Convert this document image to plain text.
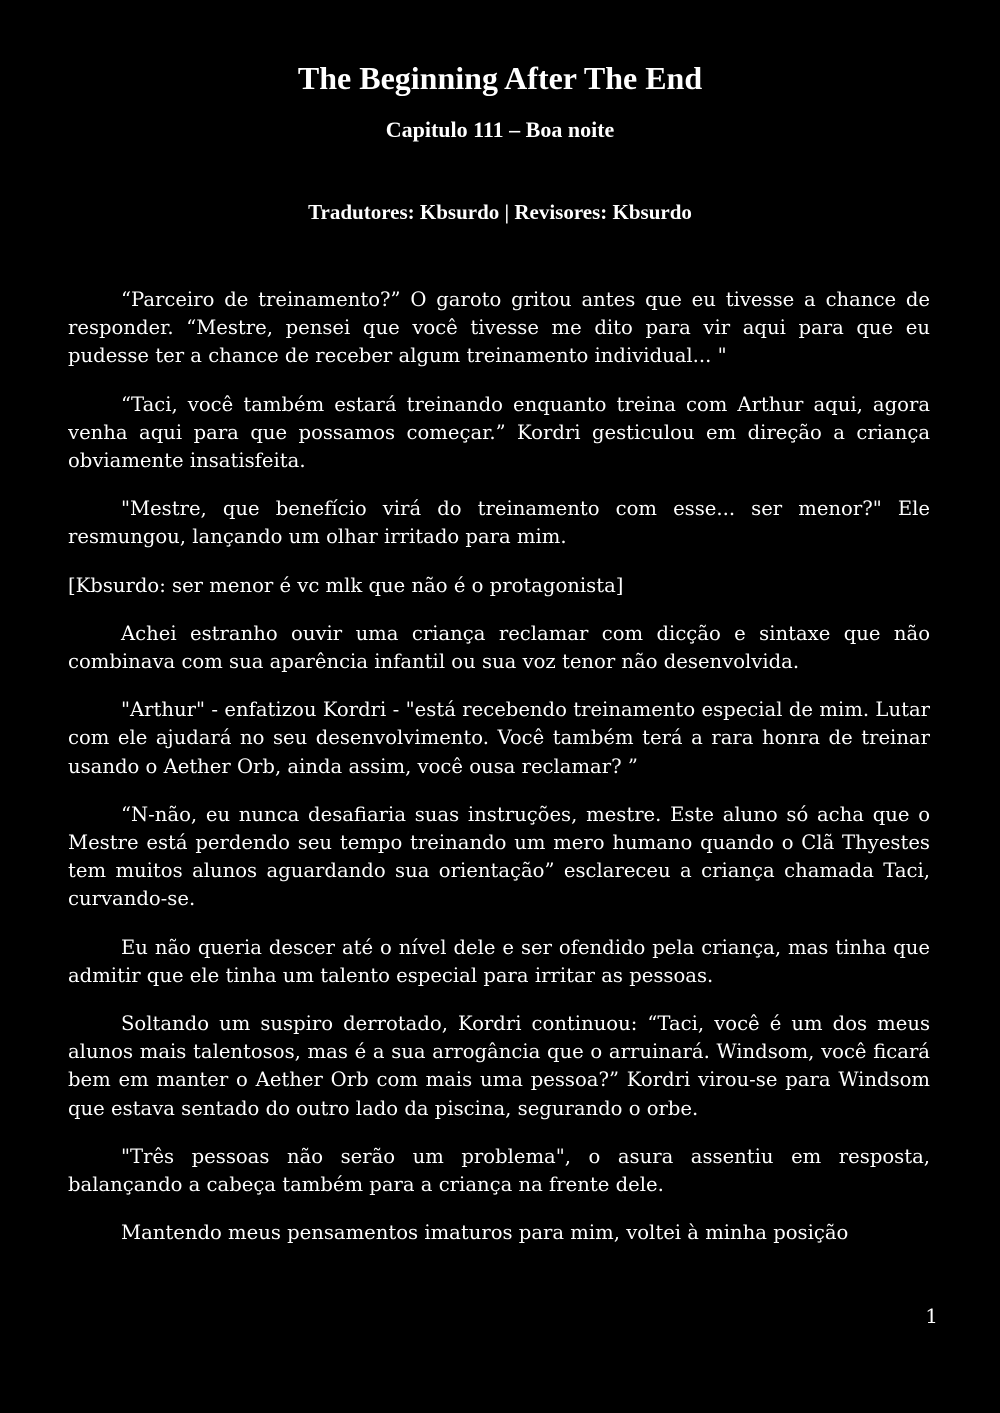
The Beginning After The End
Capitulo 111 – Boa noite
Tradutores: Kbsurdo | Revisores: Kbsurdo

“Parceiro de treinamento?” O garoto gritou antes que eu tivesse a chance de responder. “Mestre, pensei que você tivesse me dito para vir aqui para que eu pudesse ter a chance de receber algum treinamento individual... "

“Taci, você também estará treinando enquanto treina com Arthur aqui, agora venha aqui para que possamos começar.” Kordri gesticulou em direção a criança obviamente insatisfeita.

"Mestre, que benefício virá do treinamento com esse... ser menor?" Ele resmungou, lançando um olhar irritado para mim.

[Kbsurdo: ser menor é vc mlk que não é o protagonista]

Achei estranho ouvir uma criança reclamar com dicção e sintaxe que não combinava com sua aparência infantil ou sua voz tenor não desenvolvida.

"Arthur" - enfatizou Kordri - "está recebendo treinamento especial de mim. Lutar com ele ajudará no seu desenvolvimento. Você também terá a rara honra de treinar usando o Aether Orb, ainda assim, você ousa reclamar? ”

“N-não, eu nunca desafiaria suas instruções, mestre. Este aluno só acha que o Mestre está perdendo seu tempo treinando um mero humano quando o Clã Thyestes tem muitos alunos aguardando sua orientação” esclareceu a criança chamada Taci, curvando-se.

Eu não queria descer até o nível dele e ser ofendido pela criança, mas tinha que admitir que ele tinha um talento especial para irritar as pessoas.

Soltando um suspiro derrotado, Kordri continuou: “Taci, você é um dos meus alunos mais talentosos, mas é a sua arrogância que o arruinará. Windsom, você ficará bem em manter o Aether Orb com mais uma pessoa?” Kordri virou-se para Windsom que estava sentado do outro lado da piscina, segurando o orbe.

"Três pessoas não serão um problema", o asura assentiu em resposta, balançando a cabeça também para a criança na frente dele.

Mantendo meus pensamentos imaturos para mim, voltei à minha posição

1
